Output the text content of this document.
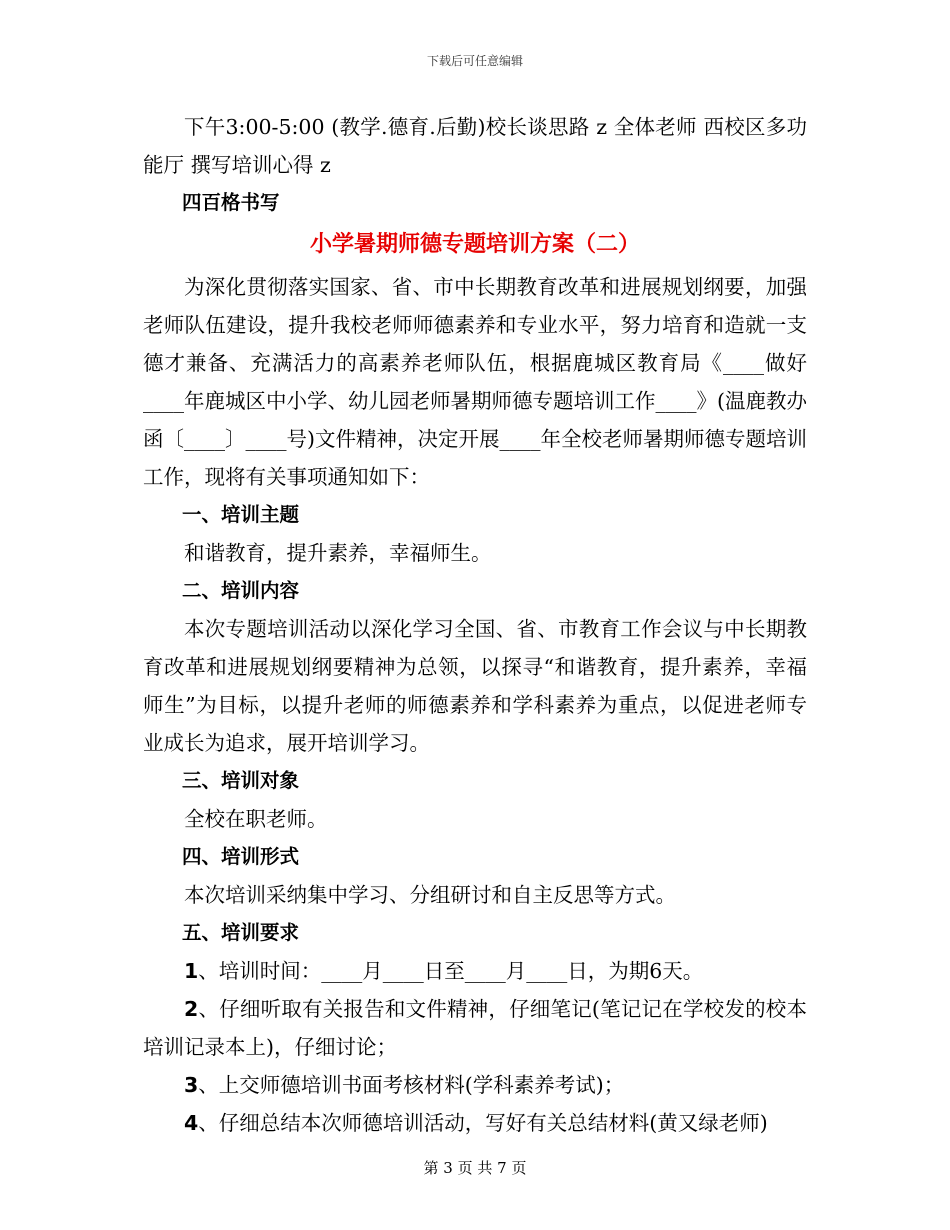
下载后可任意编辑

下午3:00-5:00 (教学.德育.后勤)校长谈思路 z 全体老师 西校区多功能厅 撰写培训心得 z

四百格书写

小学暑期师德专题培训方案（二）

为深化贯彻落实国家、省、市中长期教育改革和进展规划纲要，加强老师队伍建设，提升我校老师师德素养和专业水平，努力培育和造就一支德才兼备、充满活力的高素养老师队伍，根据鹿城区教育局《____做好____年鹿城区中小学、幼儿园老师暑期师德专题培训工作____》(温鹿教办函〔____〕____号)文件精神，决定开展____年全校老师暑期师德专题培训工作，现将有关事项通知如下：

一、培训主题

和谐教育，提升素养，幸福师生。

二、培训内容

本次专题培训活动以深化学习全国、省、市教育工作会议与中长期教育改革和进展规划纲要精神为总领，以探寻“和谐教育，提升素养，幸福师生”为目标，以提升老师的师德素养和学科素养为重点，以促进老师专业成长为追求，展开培训学习。

三、培训对象

全校在职老师。

四、培训形式

本次培训采纳集中学习、分组研讨和自主反思等方式。

五、培训要求

1、培训时间：____月____日至____月____日，为期6天。

2、仔细听取有关报告和文件精神，仔细笔记(笔记记在学校发的校本培训记录本上)，仔细讨论；

3、上交师德培训书面考核材料(学科素养考试)；

4、仔细总结本次师德培训活动，写好有关总结材料(黄又绿老师)

第 3 页 共 7 页
